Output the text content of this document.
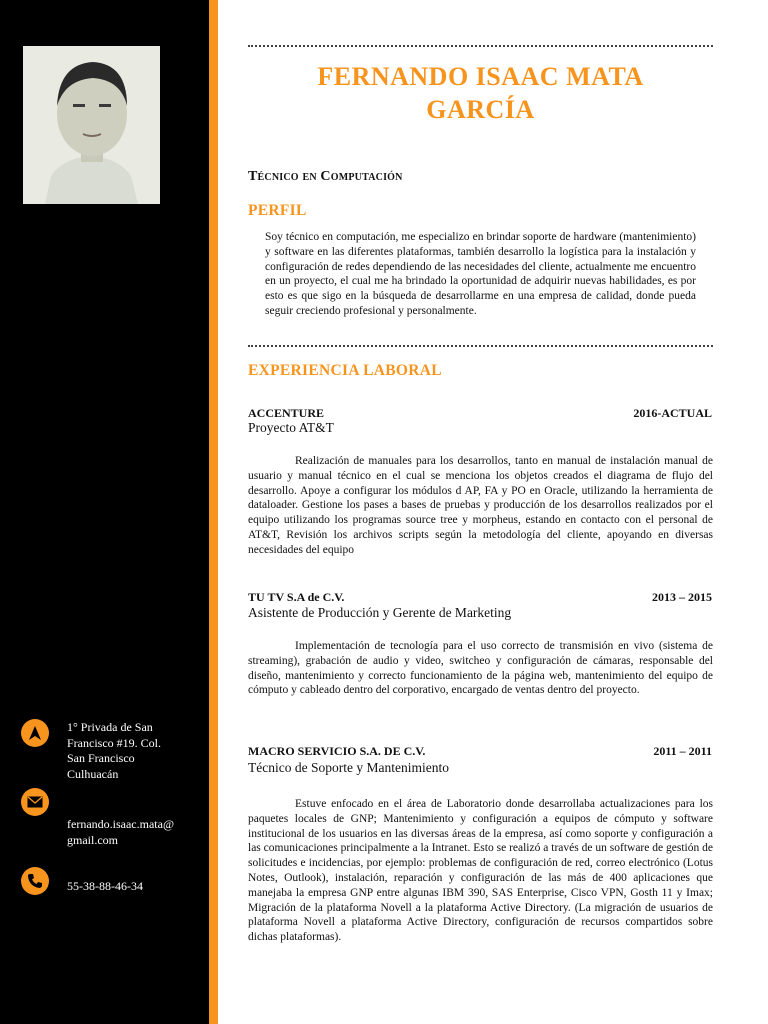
1° Privada de San
Francisco #19. Col.
San Francisco
Culhuacán
fernando.isaac.mata@
gmail.com
55-38-88-46-34
FERNANDO ISAAC MATA
GARCÍA
Técnico en Computación
PERFIL
Soy técnico en computación, me especializo en brindar soporte de hardware (mantenimiento) y software en las diferentes plataformas, también desarrollo la logística para la instalación y configuración de redes dependiendo de las necesidades del cliente, actualmente me encuentro en un proyecto, el cual me ha brindado la oportunidad de adquirir nuevas habilidades, es por esto es que sigo en la búsqueda de desarrollarme en una empresa de calidad, donde pueda seguir creciendo profesional y personalmente.
EXPERIENCIA LABORAL
ACCENTURE	2016-ACTUAL
Proyecto AT&T
Realización de manuales para los desarrollos, tanto en manual de instalación manual de usuario y manual técnico en el cual se menciona los objetos creados el diagrama de flujo del desarrollo. Apoye a configurar los módulos d AP, FA y PO en Oracle, utilizando la herramienta de dataloader. Gestione los pases a bases de pruebas y producción de los desarrollos realizados por el equipo utilizando los programas source tree y morpheus, estando en contacto con el personal de AT&T, Revisión los archivos scripts según la metodología del cliente, apoyando en diversas necesidades del equipo
TU TV S.A de C.V.	2013 – 2015
Asistente de Producción y Gerente de Marketing
Implementación de tecnología para el uso correcto de transmisión en vivo (sistema de streaming), grabación de audio y video, switcheo y configuración de cámaras, responsable del diseño, mantenimiento y correcto funcionamiento de la página web, mantenimiento del equipo de cómputo y cableado dentro del corporativo, encargado de ventas dentro del proyecto.
MACRO SERVICIO S.A. DE C.V.	2011 – 2011
Técnico de Soporte y Mantenimiento
Estuve enfocado en el área de Laboratorio donde desarrollaba actualizaciones para los paquetes locales de GNP; Mantenimiento y configuración a equipos de cómputo y software institucional de los usuarios en las diversas áreas de la empresa, así como soporte y configuración a las comunicaciones principalmente a la Intranet. Esto se realizó a través de un software de gestión de solicitudes e incidencias, por ejemplo: problemas de configuración de red, correo electrónico (Lotus Notes, Outlook), instalación, reparación y configuración de las más de 400 aplicaciones que manejaba la empresa GNP entre algunas IBM 390, SAS Enterprise, Cisco VPN, Gosth 11 y Imax; Migración de la plataforma Novell a la plataforma Active Directory. (La migración de usuarios de plataforma Novell a plataforma Active Directory, configuración de recursos compartidos sobre dichas plataformas).
